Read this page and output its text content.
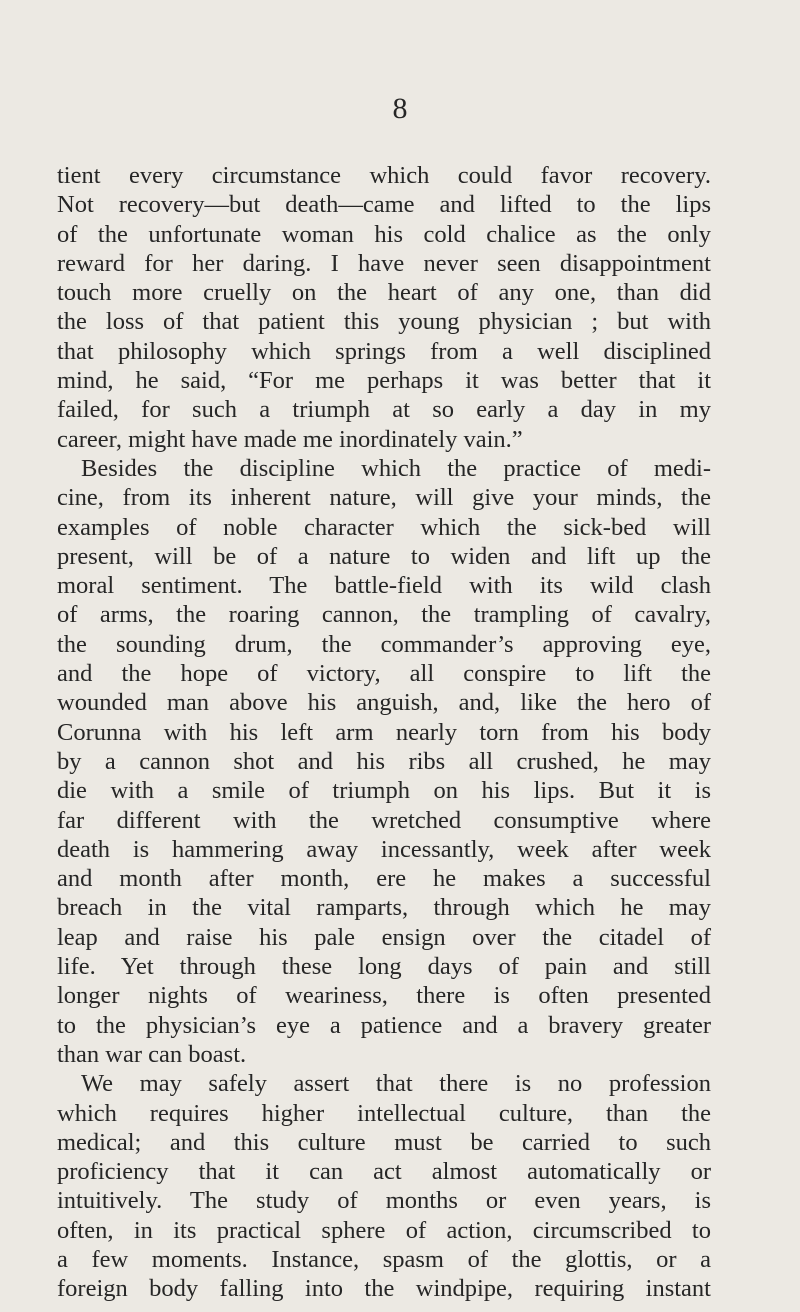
8
tient every circumstance which could favor recovery.
Not recovery—but death—came and lifted to the lips
of the unfortunate woman his cold chalice as the only
reward for her daring. I have never seen disappointment
touch more cruelly on the heart of any one, than did
the loss of that patient this young physician ; but with
that philosophy which springs from a well disciplined
mind, he said, “For me perhaps it was better that it
failed, for such a triumph at so early a day in my
career, might have made me inordinately vain.”
Besides the discipline which the practice of medi-
cine, from its inherent nature, will give your minds, the
examples of noble character which the sick-bed will
present, will be of a nature to widen and lift up the
moral sentiment. The battle-field with its wild clash
of arms, the roaring cannon, the trampling of cavalry,
the sounding drum, the commander’s approving eye,
and the hope of victory, all conspire to lift the
wounded man above his anguish, and, like the hero of
Corunna with his left arm nearly torn from his body
by a cannon shot and his ribs all crushed, he may
die with a smile of triumph on his lips. But it is
far different with the wretched consumptive where
death is hammering away incessantly, week after week
and month after month, ere he makes a successful
breach in the vital ramparts, through which he may
leap and raise his pale ensign over the citadel of
life. Yet through these long days of pain and still
longer nights of weariness, there is often presented
to the physician’s eye a patience and a bravery greater
than war can boast.
We may safely assert that there is no profession
which requires higher intellectual culture, than the
medical; and this culture must be carried to such
proficiency that it can act almost automatically or
intuitively. The study of months or even years, is
often, in its practical sphere of action, circumscribed to
a few moments. Instance, spasm of the glottis, or a
foreign body falling into the windpipe, requiring instant
